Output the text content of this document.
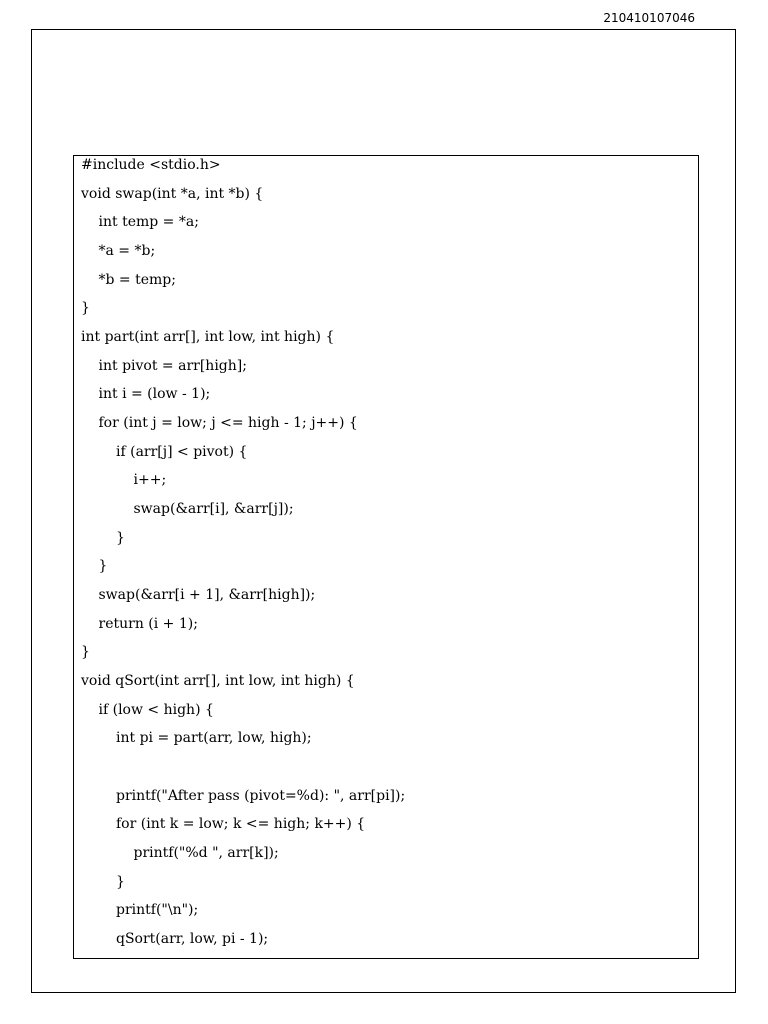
210410107046
#include <stdio.h>
void swap(int *a, int *b) {
int temp = *a;
*a = *b;
*b = temp;
}
int part(int arr[], int low, int high) {
int pivot = arr[high];
int i = (low - 1);
for (int j = low; j <= high - 1; j++) {
if (arr[j] < pivot) {
i++;
swap(&arr[i], &arr[j]);
}
}
swap(&arr[i + 1], &arr[high]);
return (i + 1);
}
void qSort(int arr[], int low, int high) {
if (low < high) {
int pi = part(arr, low, high);
printf("After pass (pivot=%d): ", arr[pi]);
for (int k = low; k <= high; k++) {
printf("%d ", arr[k]);
}
printf("\n");
qSort(arr, low, pi - 1);
